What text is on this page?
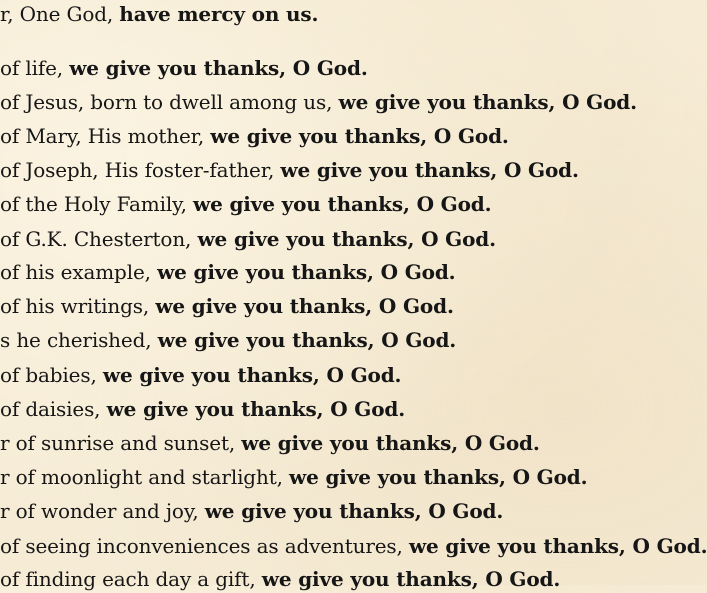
r, One God, have mercy on us.
of life, we give you thanks, O God.
of Jesus, born to dwell among us, we give you thanks, O God.
of Mary, His mother, we give you thanks, O God.
of Joseph, His foster-father, we give you thanks, O God.
of the Holy Family, we give you thanks, O God.
of G.K. Chesterton, we give you thanks, O God.
of his example, we give you thanks, O God.
of his writings, we give you thanks, O God.
s he cherished, we give you thanks, O God.
of babies, we give you thanks, O God.
of daisies, we give you thanks, O God.
r of sunrise and sunset, we give you thanks, O God.
r of moonlight and starlight, we give you thanks, O God.
r of wonder and joy, we give you thanks, O God.
of seeing inconveniences as adventures, we give you thanks, O God.
of finding each day a gift, we give you thanks, O God.
